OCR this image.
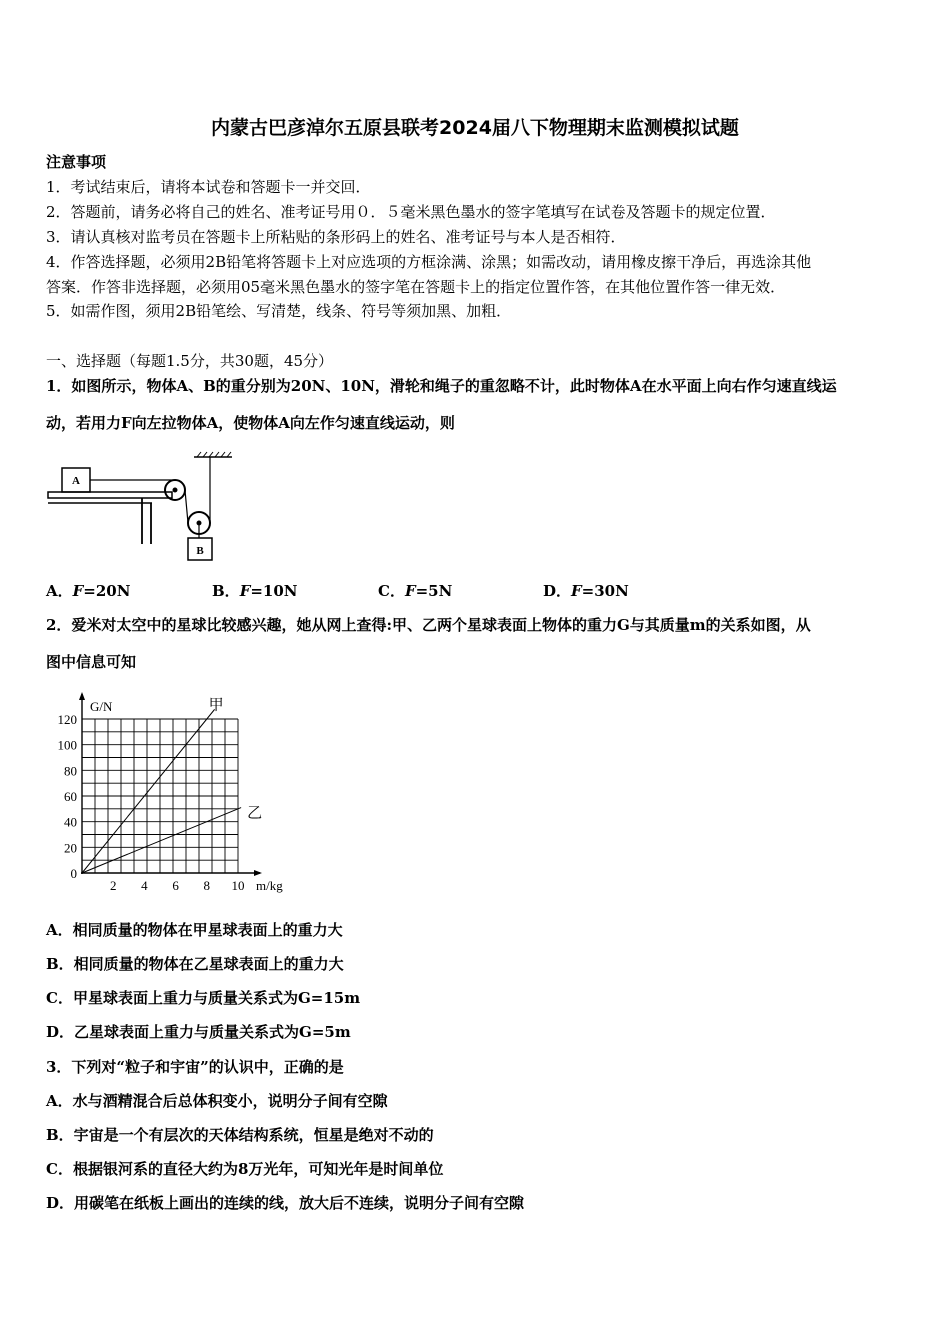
内蒙古巴彦淖尔五原县联考2024届八下物理期末监测模拟试题
注意事项
1．考试结束后，请将本试卷和答题卡一并交回．
2．答题前，请务必将自己的姓名、准考证号用０．５毫米黑色墨水的签字笔填写在试卷及答题卡的规定位置．
3．请认真核对监考员在答题卡上所粘贴的条形码上的姓名、准考证号与本人是否相符．
4．作答选择题，必须用2B铅笔将答题卡上对应选项的方框涂满、涂黑；如需改动，请用橡皮擦干净后，再选涂其他
答案．作答非选择题，必须用05毫米黑色墨水的签字笔在答题卡上的指定位置作答，在其他位置作答一律无效．
5．如需作图，须用2B铅笔绘、写清楚，线条、符号等须加黑、加粗．
一、选择题（每题1.5分，共30题，45分）
1．如图所示，物体A、B的重分别为20N、10N，滑轮和绳子的重忽略不计，此时物体A在水平面上向右作匀速直线运
动，若用力F向左拉物体A，使物体A向左作匀速直线运动，则
A
B
A．F=20N	B．F=10N	C．F=5N	D．F=30N
2．爱米对太空中的星球比较感兴趣，她从网上查得:甲、乙两个星球表面上物体的重力G与其质量m的关系如图，从
图中信息可知
0
20
40
60
80
100
120
2 4 6 8 10
G/N
m/kg
甲
乙
A．相同质量的物体在甲星球表面上的重力大
B．相同质量的物体在乙星球表面上的重力大
C．甲星球表面上重力与质量关系式为G=15m
D．乙星球表面上重力与质量关系式为G=5m
3．下列对“粒子和宇宙”的认识中，正确的是
A．水与酒精混合后总体积变小，说明分子间有空隙
B．宇宙是一个有层次的天体结构系统，恒星是绝对不动的
C．根据银河系的直径大约为8万光年，可知光年是时间单位
D．用碳笔在纸板上画出的连续的线，放大后不连续，说明分子间有空隙
